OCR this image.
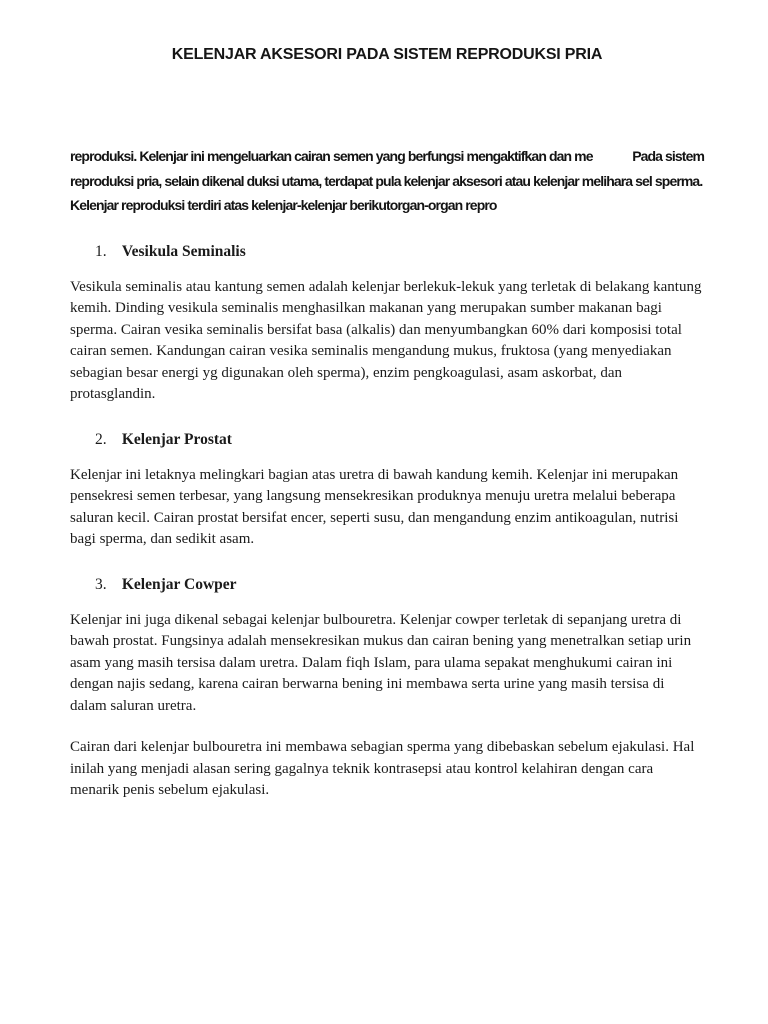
KELENJAR AKSESORI PADA SISTEM REPRODUKSI PRIA
reproduksi. Kelenjar ini mengeluarkan cairan semen yang berfungsi mengaktifkan dan me	Pada sistem
reproduksi pria, selain dikenal duksi utama, terdapat pula kelenjar aksesori atau kelenjar melihara sel sperma.
Kelenjar reproduksi terdiri atas kelenjar-kelenjar berikutorgan-organ repro
1. Vesikula Seminalis

Vesikula seminalis atau kantung semen adalah kelenjar berlekuk-lekuk yang terletak di belakang kantung kemih. Dinding vesikula seminalis menghasilkan makanan yang merupakan sumber makanan bagi sperma. Cairan vesika seminalis bersifat basa (alkalis) dan menyumbangkan 60% dari komposisi total cairan semen. Kandungan cairan vesika seminalis mengandung mukus, fruktosa (yang menyediakan sebagian besar energi yg digunakan oleh sperma), enzim pengkoagulasi, asam askorbat, dan protasglandin.

2. Kelenjar Prostat

Kelenjar ini letaknya melingkari bagian atas uretra di bawah kandung kemih. Kelenjar ini merupakan pensekresi semen terbesar, yang langsung mensekresikan produknya menuju uretra melalui beberapa saluran kecil. Cairan prostat bersifat encer, seperti susu, dan mengandung enzim antikoagulan, nutrisi bagi sperma, dan sedikit asam.

3. Kelenjar Cowper

Kelenjar ini juga dikenal sebagai kelenjar bulbouretra. Kelenjar cowper terletak di sepanjang uretra di bawah prostat. Fungsinya adalah mensekresikan mukus dan cairan bening yang menetralkan setiap urin asam yang masih tersisa dalam uretra. Dalam fiqh Islam, para ulama sepakat menghukumi cairan ini dengan najis sedang, karena cairan berwarna bening ini membawa serta urine yang masih tersisa di dalam saluran uretra.

Cairan dari kelenjar bulbouretra ini membawa sebagian sperma yang dibebaskan sebelum ejakulasi. Hal inilah yang menjadi alasan sering gagalnya teknik kontrasepsi atau kontrol kelahiran dengan cara menarik penis sebelum ejakulasi.
